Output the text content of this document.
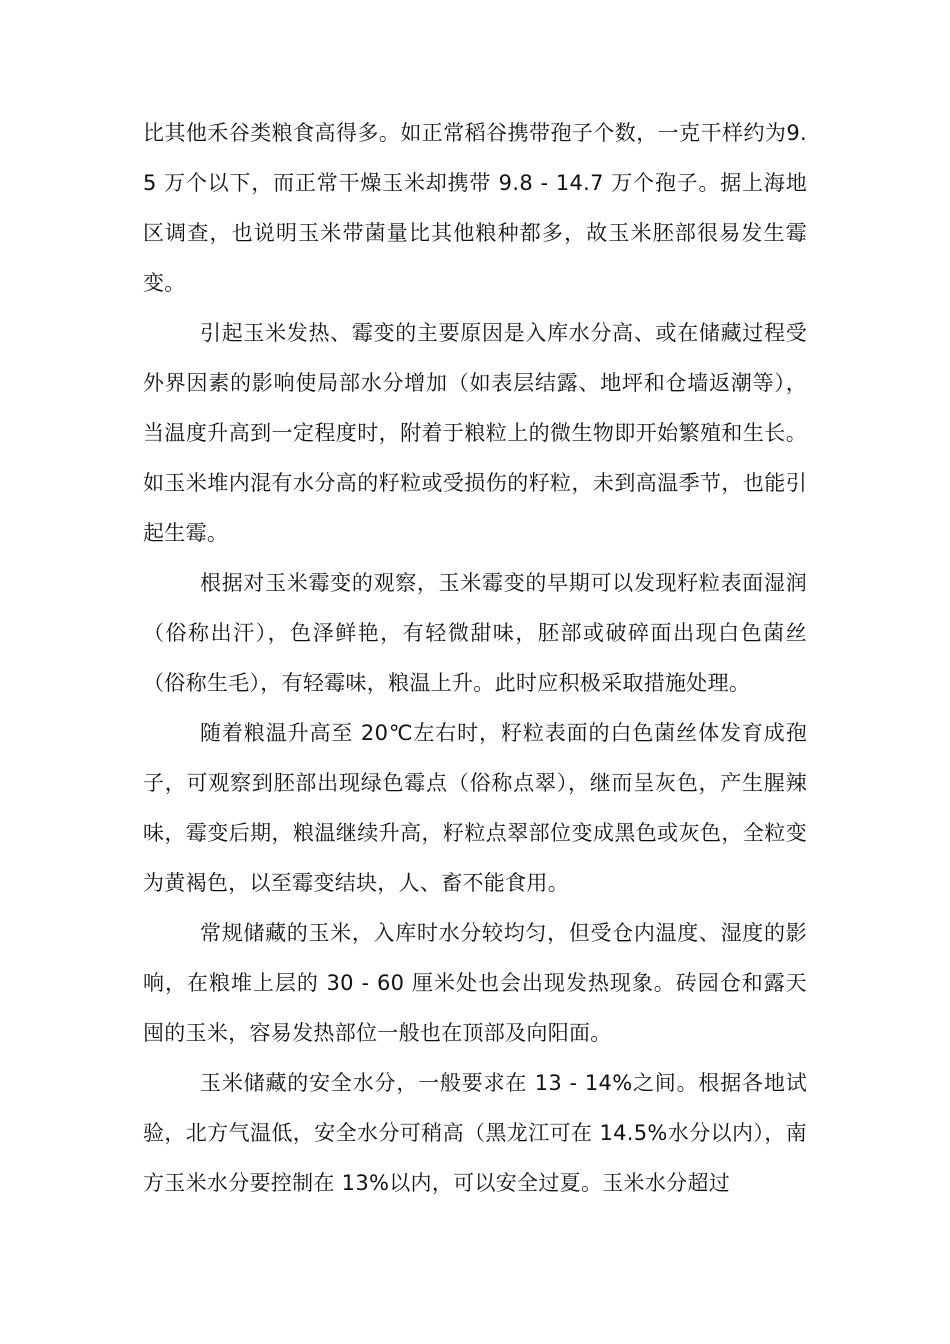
比其他禾谷类粮食高得多。如正常稻谷携带孢子个数，一克干样约为9.5 万个以下，而正常干燥玉米却携带 9.8 - 14.7 万个孢子。据上海地区调查，也说明玉米带菌量比其他粮种都多，故玉米胚部很易发生霉变。

引起玉米发热、霉变的主要原因是入库水分高、或在储藏过程受外界因素的影响使局部水分增加（如表层结露、地坪和仓墙返潮等），当温度升高到一定程度时，附着于粮粒上的微生物即开始繁殖和生长。如玉米堆内混有水分高的籽粒或受损伤的籽粒，未到高温季节，也能引起生霉。

根据对玉米霉变的观察，玉米霉变的早期可以发现籽粒表面湿润（俗称出汗），色泽鲜艳，有轻微甜味，胚部或破碎面出现白色菌丝（俗称生毛），有轻霉味，粮温上升。此时应积极采取措施处理。

随着粮温升高至 20℃左右时，籽粒表面的白色菌丝体发育成孢子，可观察到胚部出现绿色霉点（俗称点翠），继而呈灰色，产生腥辣味，霉变后期，粮温继续升高，籽粒点翠部位变成黑色或灰色，全粒变为黄褐色，以至霉变结块，人、畜不能食用。

常规储藏的玉米，入库时水分较均匀，但受仓内温度、湿度的影响，在粮堆上层的 30 - 60 厘米处也会出现发热现象。砖园仓和露天囤的玉米，容易发热部位一般也在顶部及向阳面。

玉米储藏的安全水分，一般要求在 13 - 14%之间。根据各地试验，北方气温低，安全水分可稍高（黑龙江可在 14.5%水分以内），南方玉米水分要控制在 13%以内，可以安全过夏。玉米水分超过
